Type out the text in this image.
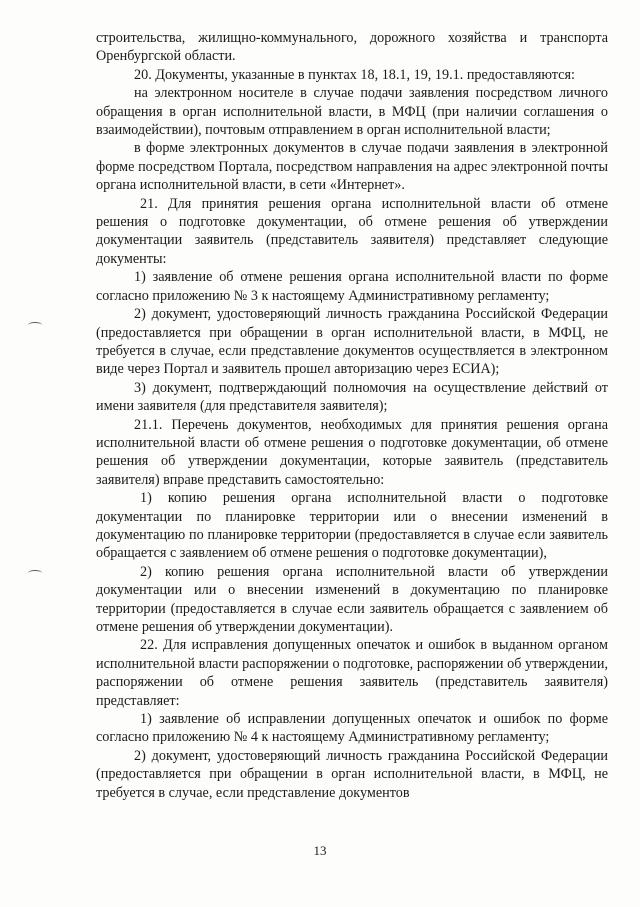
строительства, жилищно-коммунального, дорожного хозяйства и транспорта Оренбургской области.

20. Документы, указанные в пунктах 18, 18.1, 19, 19.1. предоставляются:

на электронном носителе в случае подачи заявления посредством личного обращения в орган исполнительной власти, в МФЦ (при наличии соглашения о взаимодействии), почтовым отправлением в орган исполнительной власти;

в форме электронных документов в случае подачи заявления в электронной форме посредством Портала, посредством направления на адрес электронной почты органа исполнительной власти, в сети «Интернет».

21. Для принятия решения органа исполнительной власти об отмене решения о подготовке документации, об отмене решения об утверждении документации заявитель (представитель заявителя) представляет следующие документы:

1) заявление об отмене решения органа исполнительной власти по форме согласно приложению № 3 к настоящему Административному регламенту;

2) документ, удостоверяющий личность гражданина Российской Федерации (предоставляется при обращении в орган исполнительной власти, в МФЦ, не требуется в случае, если представление документов осуществляется в электронном виде через Портал и заявитель прошел авторизацию через ЕСИА);

3) документ, подтверждающий полномочия на осуществление действий от имени заявителя (для представителя заявителя);

21.1. Перечень документов, необходимых для принятия решения органа исполнительной власти об отмене решения о подготовке документации, об отмене решения об утверждении документации, которые заявитель (представитель заявителя) вправе представить самостоятельно:

1) копию решения органа исполнительной власти о подготовке документации по планировке территории или о внесении изменений в документацию по планировке территории (предоставляется в случае если заявитель обращается с заявлением об отмене решения о подготовке документации),

2) копию решения органа исполнительной власти об утверждении документации или о внесении изменений в документацию по планировке территории (предоставляется в случае если заявитель обращается с заявлением об отмене решения об утверждении документации).

22. Для исправления допущенных опечаток и ошибок в выданном органом исполнительной власти распоряжении о подготовке, распоряжении об утверждении, распоряжении об отмене решения заявитель (представитель заявителя) представляет:

1) заявление об исправлении допущенных опечаток и ошибок по форме согласно приложению № 4 к настоящему Административному регламенту;

2) документ, удостоверяющий личность гражданина Российской Федерации (предоставляется при обращении в орган исполнительной власти, в МФЦ, не требуется в случае, если представление документов

13
